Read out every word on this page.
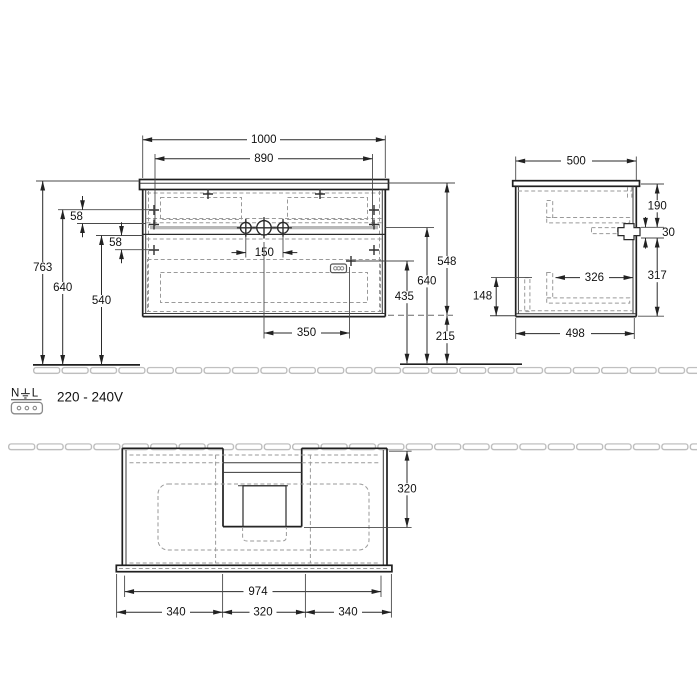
1000
890
763
640
540
58
58
548
640
435
215
150
350
500
498
148
326
190
30
317
N L 220 - 240V
320
974
340	320	340
